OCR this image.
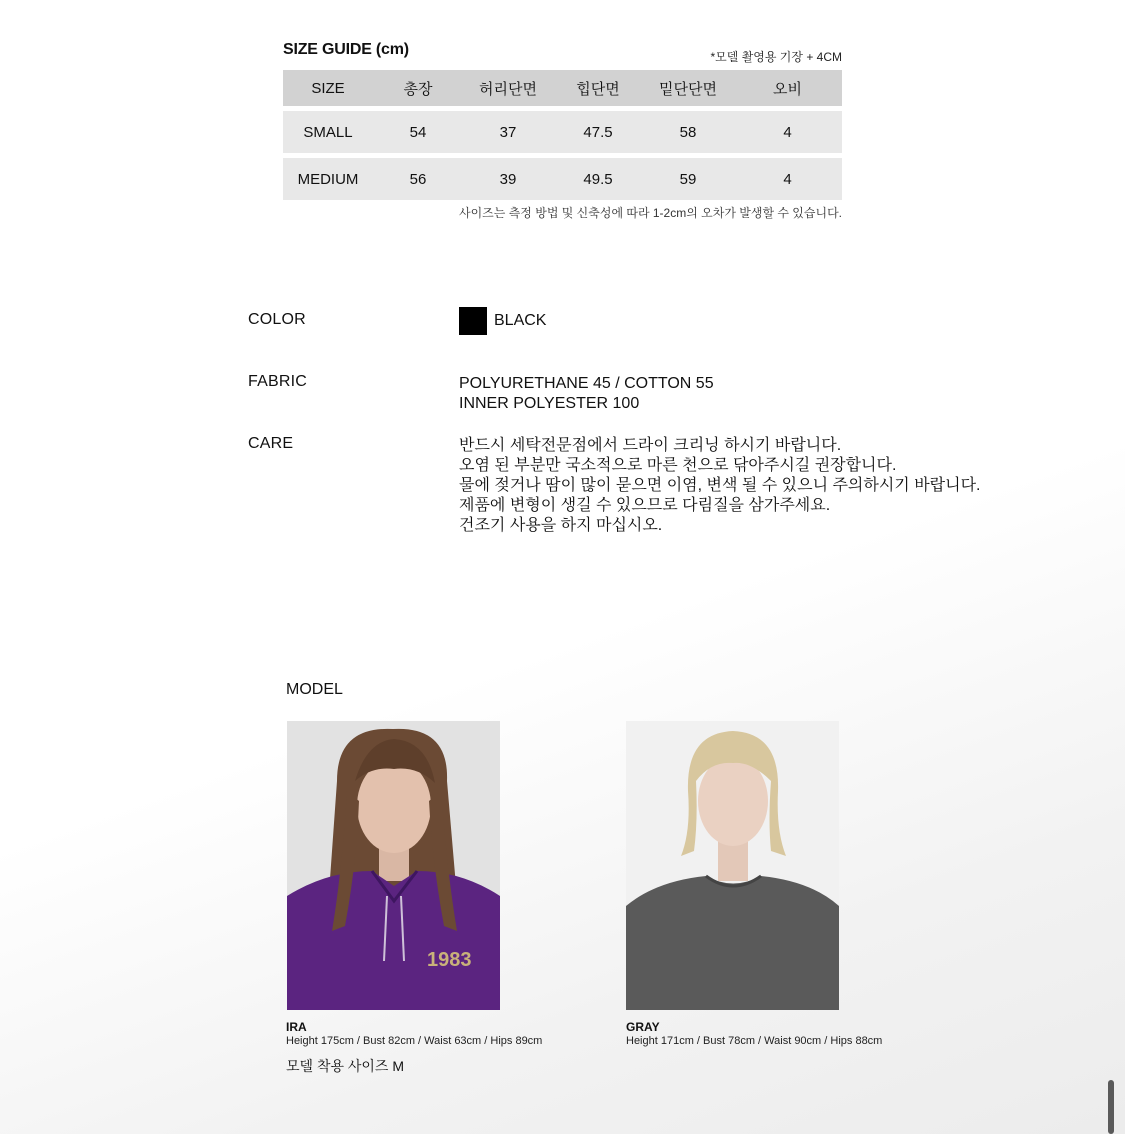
SIZE GUIDE (cm)	*모델 촬영용 기장 + 4CM
SIZE	총장	허리단면	힙단면	밑단단면	오비
SMALL	54	37	47.5	58	4
MEDIUM	56	39	49.5	59	4
사이즈는 측정 방법 및 신축성에 따라 1-2cm의 오차가 발생할 수 있습니다.
COLOR	BLACK
FABRIC	POLYURETHANE 45 / COTTON 55
INNER POLYESTER 100
CARE	반드시 세탁전문점에서 드라이 크리닝 하시기 바랍니다.
오염 된 부분만 국소적으로 마른 천으로 닦아주시길 권장합니다.
물에 젖거나 땀이 많이 묻으면 이염, 변색 될 수 있으니 주의하시기 바랍니다.
제품에 변형이 생길 수 있으므로 다림질을 삼가주세요.
건조기 사용을 하지 마십시오.
MODEL
1983
IRA
Height 175cm / Bust 82cm / Waist 63cm / Hips 89cm
GRAY
Height 171cm / Bust 78cm / Waist 90cm / Hips 88cm
모델 착용 사이즈 M
